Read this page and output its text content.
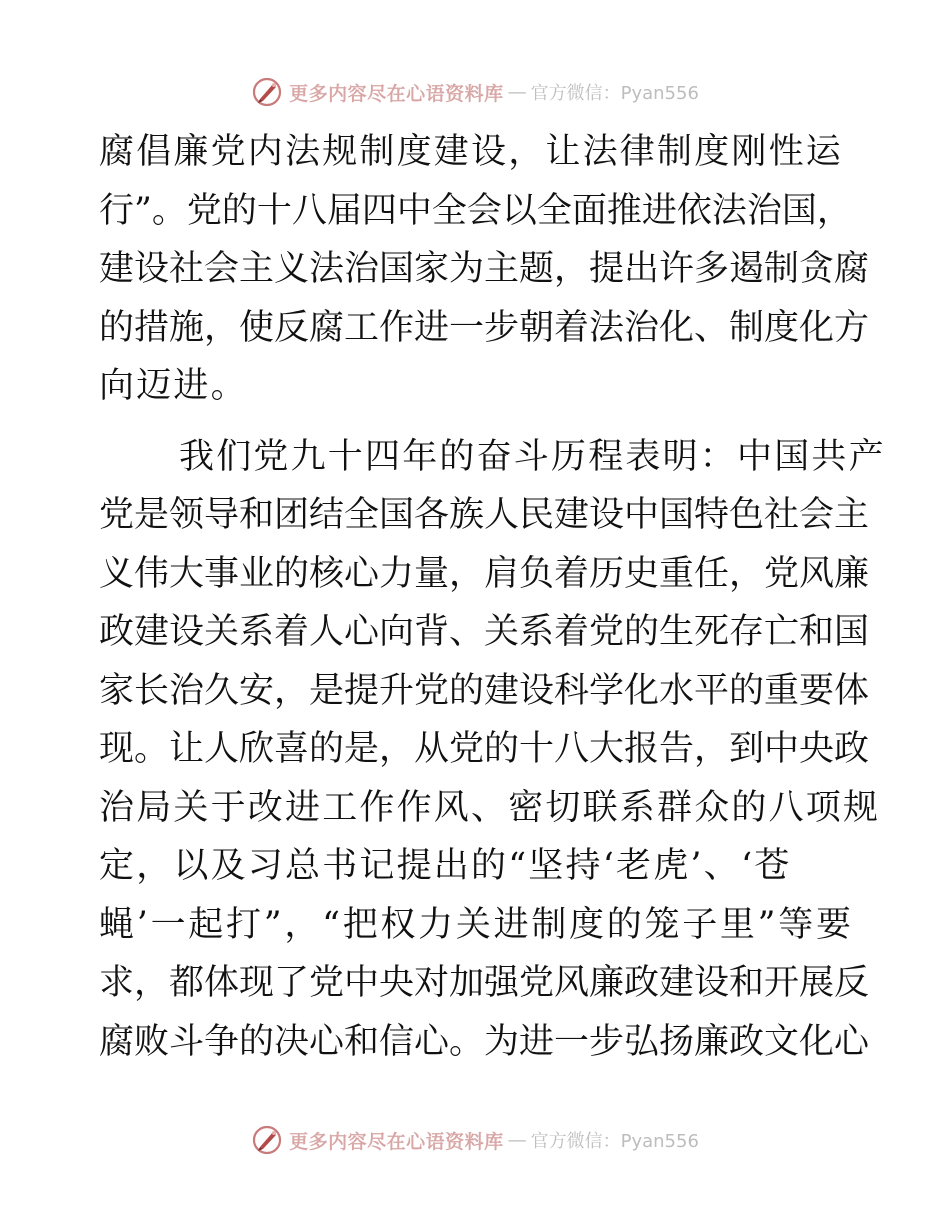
更多内容尽在心语资料库 — 官方微信：Pyan556
腐倡廉党内法规制度建设，让法律制度刚性运
行”。党的十八届四中全会以全面推进依法治国，
建设社会主义法治国家为主题，提出许多遏制贪腐
的措施，使反腐工作进一步朝着法治化、制度化方
向迈进。
我们党九十四年的奋斗历程表明：中国共产
党是领导和团结全国各族人民建设中国特色社会主
义伟大事业的核心力量，肩负着历史重任，党风廉
政建设关系着人心向背、关系着党的生死存亡和国
家长治久安，是提升党的建设科学化水平的重要体
现。让人欣喜的是，从党的十八大报告，到中央政
治局关于改进工作作风、密切联系群众的八项规
定，以及习总书记提出的“坚持‘老虎’、‘苍
蝇’一起打”，“把权力关进制度的笼子里”等要
求，都体现了党中央对加强党风廉政建设和开展反
腐败斗争的决心和信心。为进一步弘扬廉政文化心
更多内容尽在心语资料库 — 官方微信：Pyan556
